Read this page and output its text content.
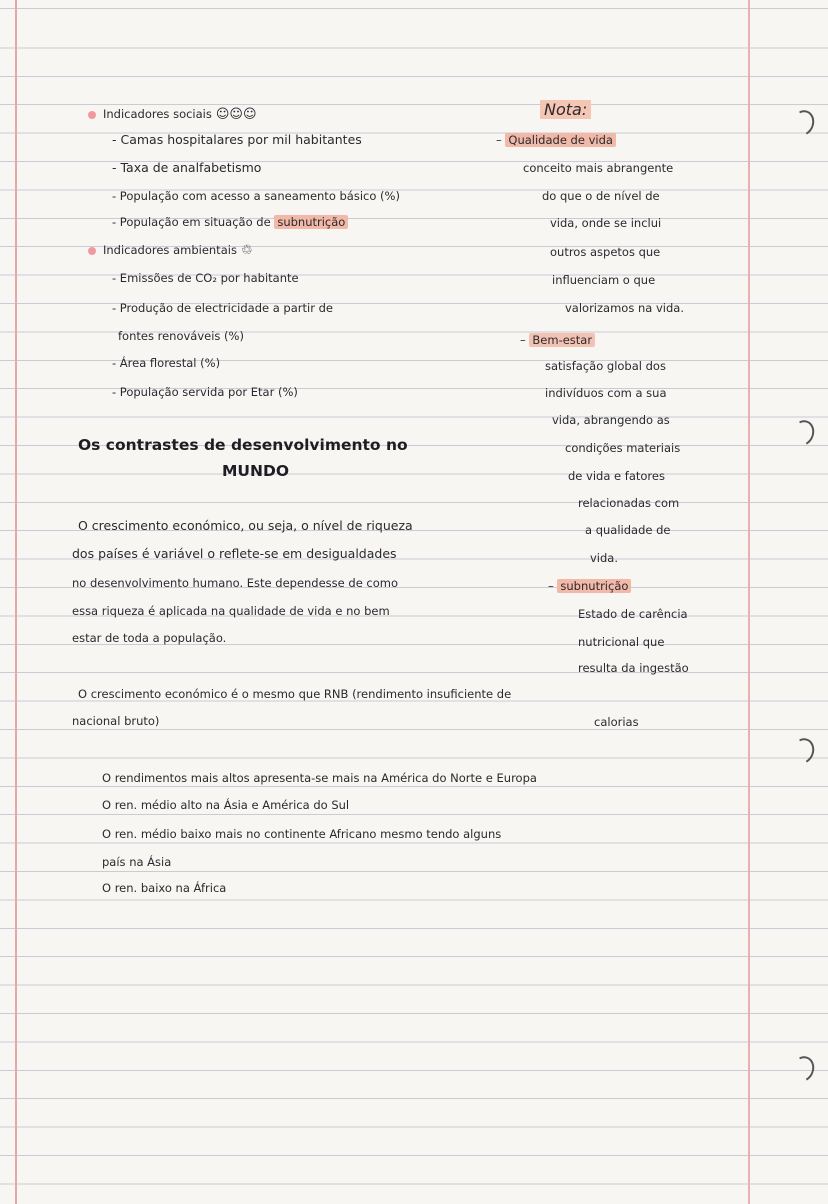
Indicadores sociais ☺☺☺
- Camas hospitalares por mil habitantes
- Taxa de analfabetismo
- População com acesso a saneamento básico (%)
- População em situação de subnutrição
Indicadores ambientais ♲
- Emissões de CO₂ por habitante
- Produção de electricidade a partir de
fontes renováveis (%)
- Área florestal (%)
- População servida por Etar (%)
Os contrastes de desenvolvimento no
MUNDO
O crescimento económico, ou seja, o nível de riqueza
dos países é variável o reflete-se em desigualdades
no desenvolvimento humano. Este dependesse de como
essa riqueza é aplicada na qualidade de vida e no bem
estar de toda a população.
O crescimento económico é o mesmo que RNB (rendimento insuficiente de
nacional bruto)
O rendimentos mais altos apresenta-se mais na América do Norte e Europa
O ren. médio alto na Ásia e América do Sul
O ren. médio baixo mais no continente Africano mesmo tendo alguns
país na Ásia
O ren. baixo na África
Nota:
– Qualidade de vida
conceito mais abrangente
do que o de nível de
vida, onde se inclui
outros aspetos que
influenciam o que
valorizamos na vida.
– Bem-estar
satisfação global dos
indivíduos com a sua
vida, abrangendo as
condições materiais
de vida e fatores
relacionadas com
a qualidade de
vida.
– subnutrição
Estado de carência
nutricional que
resulta da ingestão
calorias
